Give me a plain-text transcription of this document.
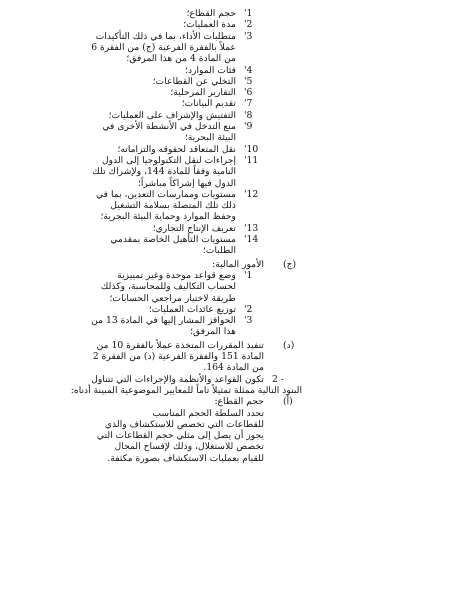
'1
حجم القطاع؛
'2
مدة العمليات؛
'3
متطلبات الأداء، بما في ذلك التأكيدات
عملاً بالفقرة الفرعية (ج) من الفقرة 6
من المادة 4 من هذا المرفق؛
'4
فئات الموارد؛
'5
التخلي عن القطاعات؛
'6
التقارير المرحلية؛
'7
تقديم البيانات؛
'8
التفتيش والإشراف على العمليات؛
'9
منع التدخل في الأنشطة الأخرى في
البيئة البحرية؛
'10
نقل المتعاقد لحقوقه والتزاماته؛
'11
إجراءات لنقل التكنولوجيا إلى الدول
النامية وفقاً للمادة 144، ولإشراك تلك
الدول فيها إشراكاً مباشراً؛
'12
مستويات وممارسات التعدين، بما في
ذلك تلك المتصلة بسلامة التشغيل
وحفظ الموارد وحماية البيئة البحرية؛
'13
تعريف الإنتاج التجاري؛
'14
مستويات التأهيل الخاصة بمقدمي
الطلبات؛
(ج)
الأمور المالية:
'1
وضع قواعد موحدة وغير تمييزية
لحساب التكاليف وللمحاسبة، وكذلك
طريقة لاختيار مراجعي الحسابات؛
'2
توزيع عائدات العمليات؛
'3
الحوافز المشار إليها في المادة 13 من
هذا المرفق؛
(د)
تنفيذ المقررات المتخذة عملاً بالفقرة 10 من
المادة 151 والفقرة الفرعية (د) من الفقرة 2
من المادة 164.
2 -
تكون القواعد والأنظمة والإجراءات التي تتناول
البنود التالية ممثلة تمثيلاً تاماً للمعايير الموضوعية المبينة أدناه:
(أ)
حجم القطاع:
تحدد السلطة الحجم المناسب
للقطاعات التي تخصص للاستكشاف والذي
يجوز أن يصل إلى مثلي حجم القطاعات التي
تخصص للاستغلال، وذلك لإفساح المجال
للقيام بعمليات الاستكشاف بصورة مكثفة.
